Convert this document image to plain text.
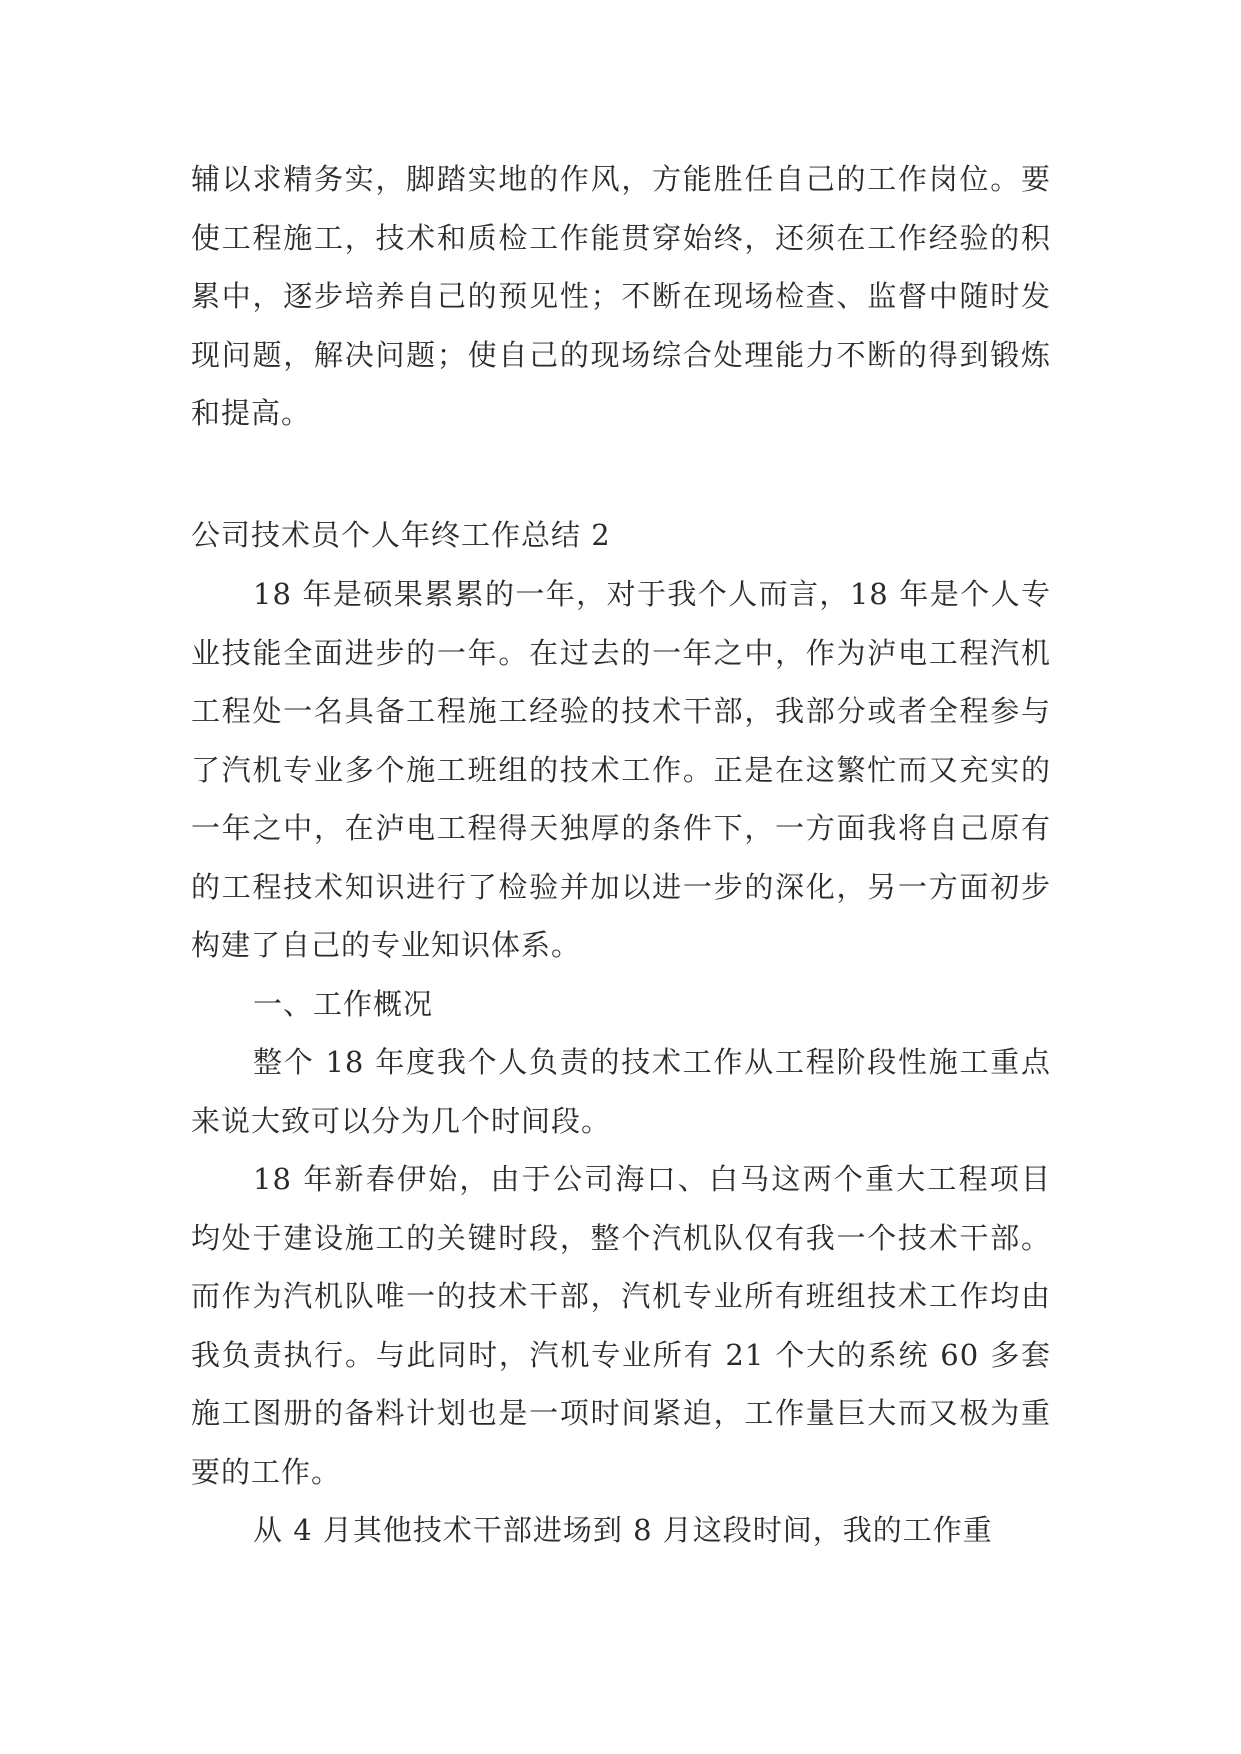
辅以求精务实，脚踏实地的作风，方能胜任自己的工作岗位。要使工程施工，技术和质检工作能贯穿始终，还须在工作经验的积累中，逐步培养自己的预见性；不断在现场检查、监督中随时发现问题，解决问题；使自己的现场综合处理能力不断的得到锻炼和提高。

公司技术员个人年终工作总结 2

18 年是硕果累累的一年，对于我个人而言，18 年是个人专业技能全面进步的一年。在过去的一年之中，作为泸电工程汽机工程处一名具备工程施工经验的技术干部，我部分或者全程参与了汽机专业多个施工班组的技术工作。正是在这繁忙而又充实的一年之中，在泸电工程得天独厚的条件下，一方面我将自己原有的工程技术知识进行了检验并加以进一步的深化，另一方面初步构建了自己的专业知识体系。

一、工作概况

整个 18 年度我个人负责的技术工作从工程阶段性施工重点来说大致可以分为几个时间段。

18 年新春伊始，由于公司海口、白马这两个重大工程项目均处于建设施工的关键时段，整个汽机队仅有我一个技术干部。而作为汽机队唯一的技术干部，汽机专业所有班组技术工作均由我负责执行。与此同时，汽机专业所有 21 个大的系统 60 多套施工图册的备料计划也是一项时间紧迫，工作量巨大而又极为重要的工作。

从 4 月其他技术干部进场到 8 月这段时间，我的工作重
